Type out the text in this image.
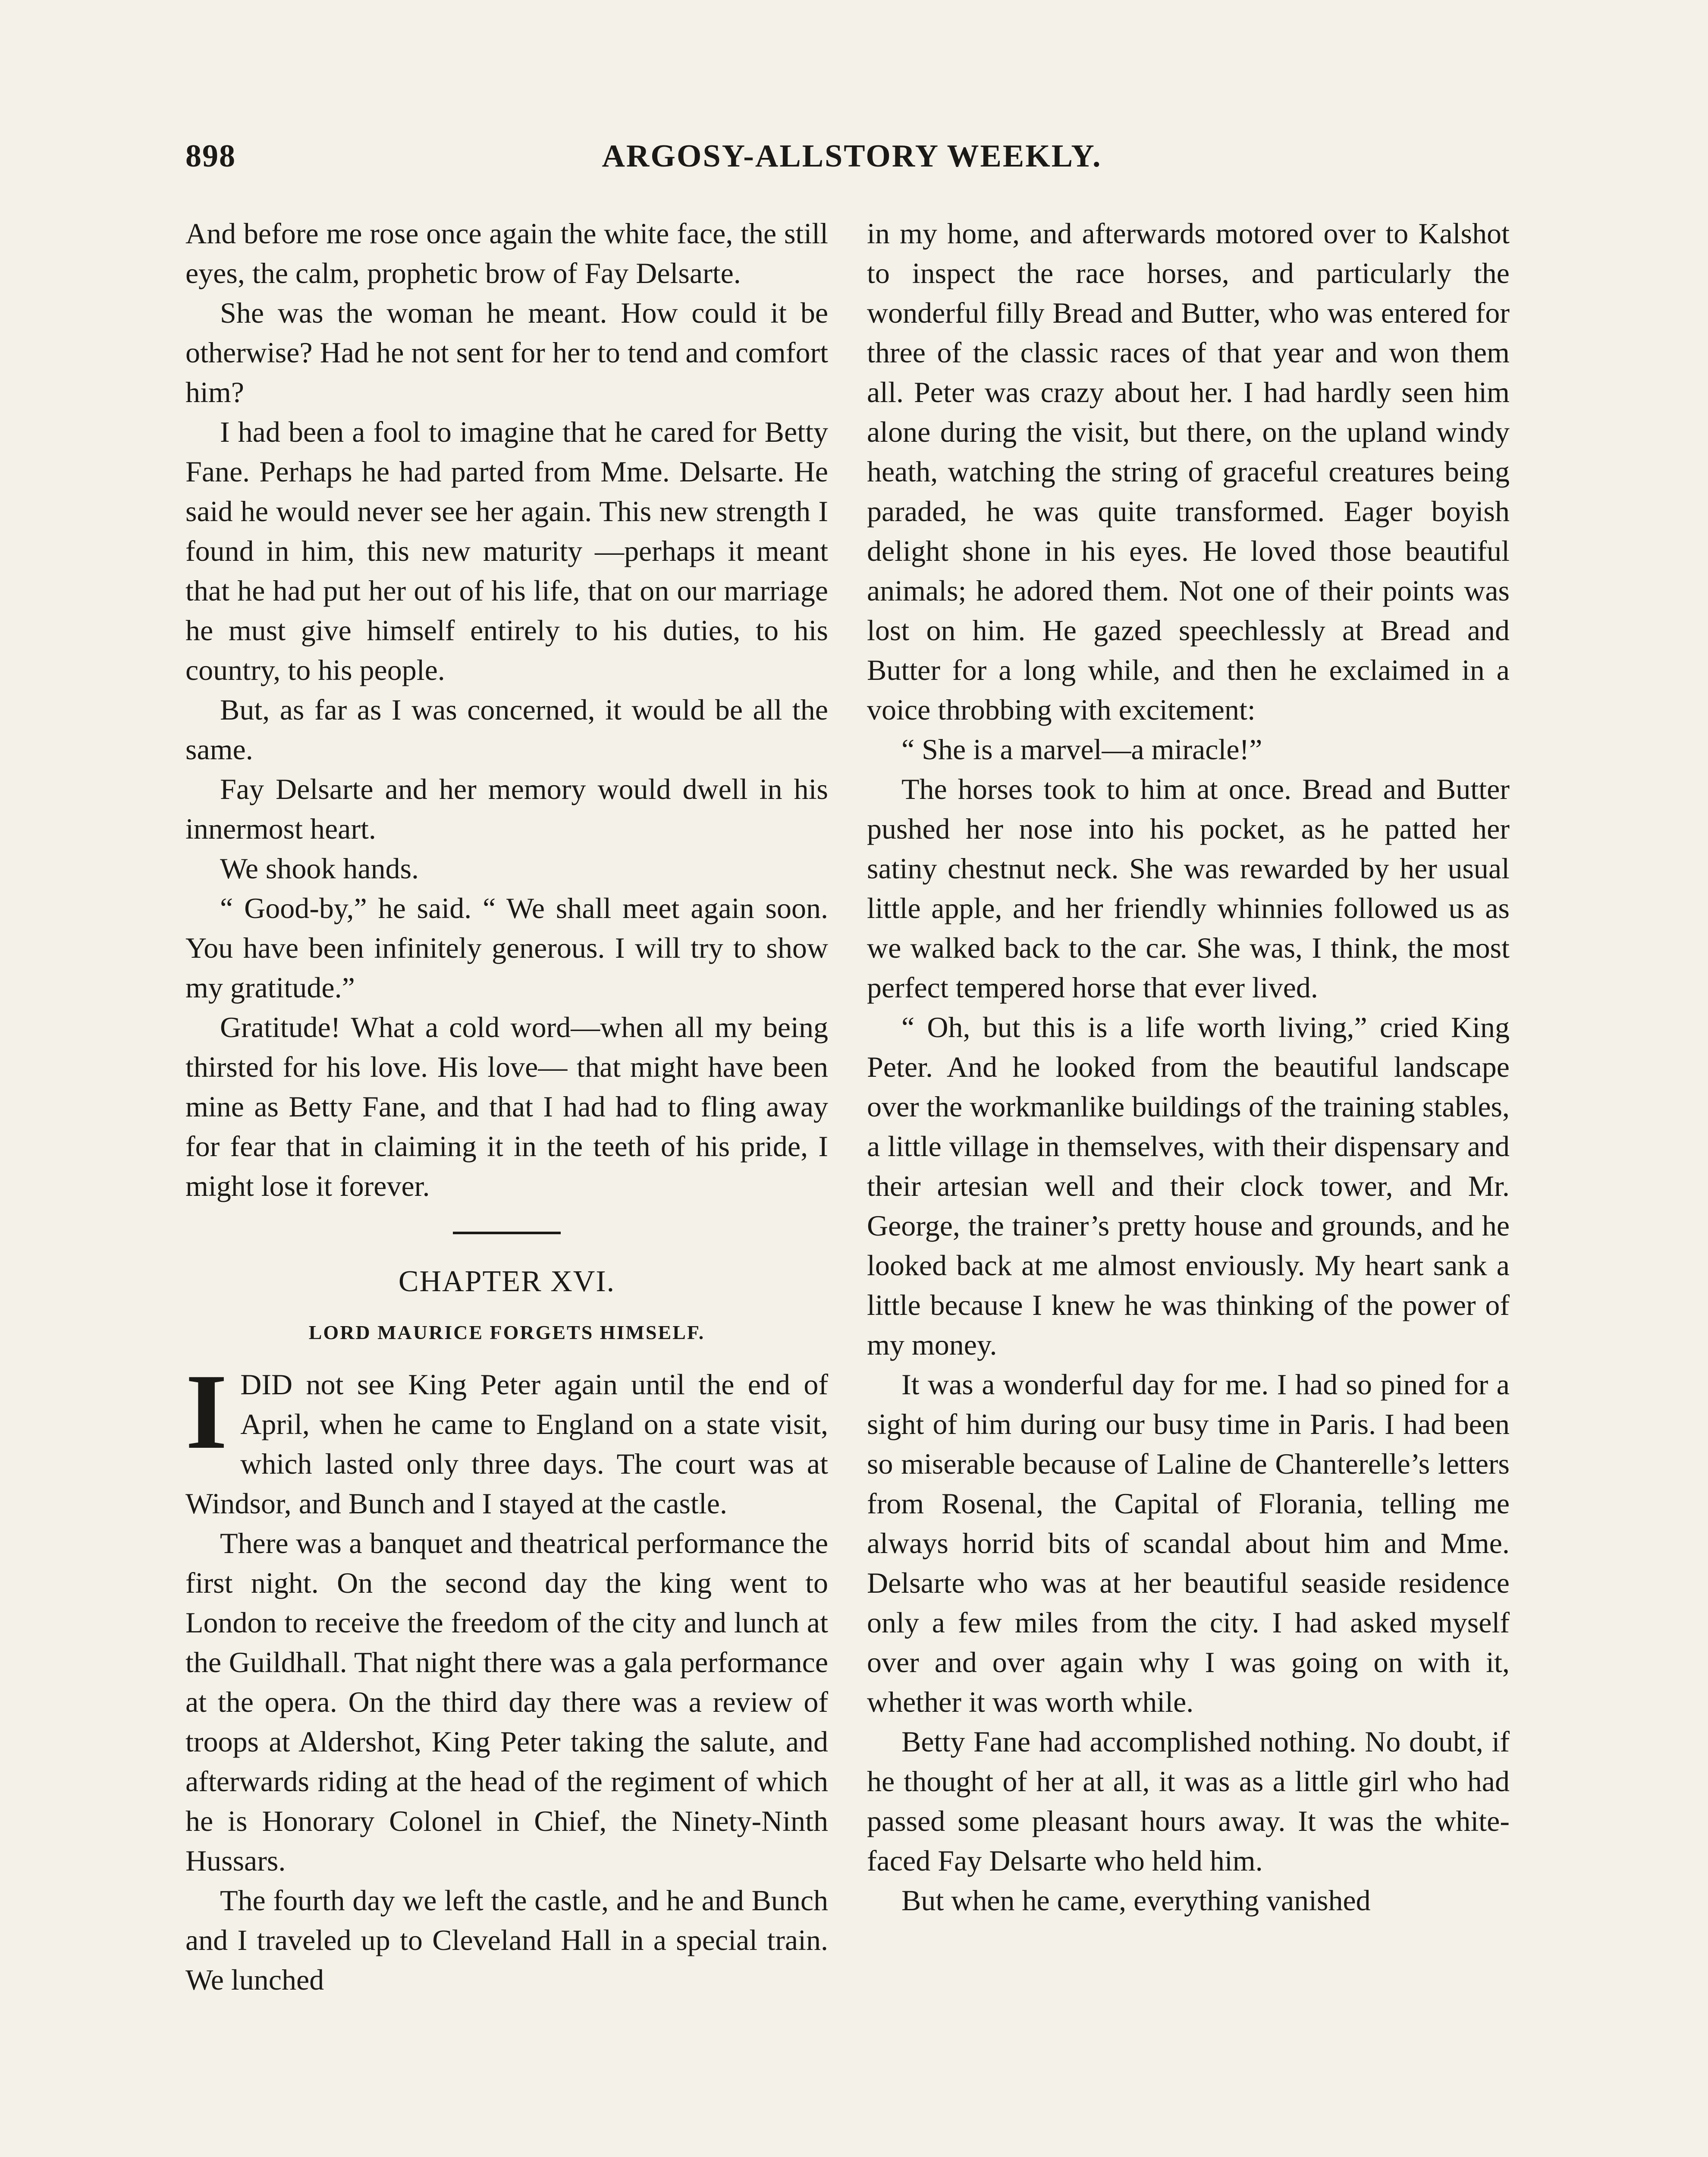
898	ARGOSY-ALLSTORY WEEKLY.

And before me rose once again the white face, the still eyes, the calm, prophetic brow of Fay Delsarte.

She was the woman he meant. How could it be otherwise? Had he not sent for her to tend and comfort him?

I had been a fool to imagine that he cared for Betty Fane. Perhaps he had parted from Mme. Delsarte. He said he would never see her again. This new strength I found in him, this new maturity —perhaps it meant that he had put her out of his life, that on our marriage he must give himself entirely to his duties, to his country, to his people.

But, as far as I was concerned, it would be all the same.

Fay Delsarte and her memory would dwell in his innermost heart.

We shook hands.

“ Good-by,” he said. “ We shall meet again soon. You have been infinitely generous. I will try to show my gratitude.”

Gratitude! What a cold word—when all my being thirsted for his love. His love— that might have been mine as Betty Fane, and that I had had to fling away for fear that in claiming it in the teeth of his pride, I might lose it forever.

CHAPTER XVI.
LORD MAURICE FORGETS HIMSELF.

IDID not see King Peter again until the end of April, when he came to England on a state visit, which lasted only three days. The court was at Windsor, and Bunch and I stayed at the castle.

There was a banquet and theatrical performance the first night. On the second day the king went to London to receive the freedom of the city and lunch at the Guildhall. That night there was a gala performance at the opera. On the third day there was a review of troops at Aldershot, King Peter taking the salute, and afterwards riding at the head of the regiment of which he is Honorary Colonel in Chief, the Ninety-Ninth Hussars.

The fourth day we left the castle, and he and Bunch and I traveled up to Cleveland Hall in a special train. We lunched

in my home, and afterwards motored over to Kalshot to inspect the race horses, and particularly the wonderful filly Bread and Butter, who was entered for three of the classic races of that year and won them all. Peter was crazy about her. I had hardly seen him alone during the visit, but there, on the upland windy heath, watching the string of graceful creatures being paraded, he was quite transformed. Eager boyish delight shone in his eyes. He loved those beautiful animals; he adored them. Not one of their points was lost on him. He gazed speechlessly at Bread and Butter for a long while, and then he exclaimed in a voice throbbing with excitement:

“ She is a marvel—a miracle!”

The horses took to him at once. Bread and Butter pushed her nose into his pocket, as he patted her satiny chestnut neck. She was rewarded by her usual little apple, and her friendly whinnies followed us as we walked back to the car. She was, I think, the most perfect tempered horse that ever lived.

“ Oh, but this is a life worth living,” cried King Peter. And he looked from the beautiful landscape over the workmanlike buildings of the training stables, a little village in themselves, with their dispensary and their artesian well and their clock tower, and Mr. George, the trainer’s pretty house and grounds, and he looked back at me almost enviously. My heart sank a little because I knew he was thinking of the power of my money.

It was a wonderful day for me. I had so pined for a sight of him during our busy time in Paris. I had been so miserable because of Laline de Chanterelle’s letters from Rosenal, the Capital of Florania, telling me always horrid bits of scandal about him and Mme. Delsarte who was at her beautiful seaside residence only a few miles from the city. I had asked myself over and over again why I was going on with it, whether it was worth while.

Betty Fane had accomplished nothing. No doubt, if he thought of her at all, it was as a little girl who had passed some pleasant hours away. It was the white-faced Fay Delsarte who held him.

But when he came, everything vanished
